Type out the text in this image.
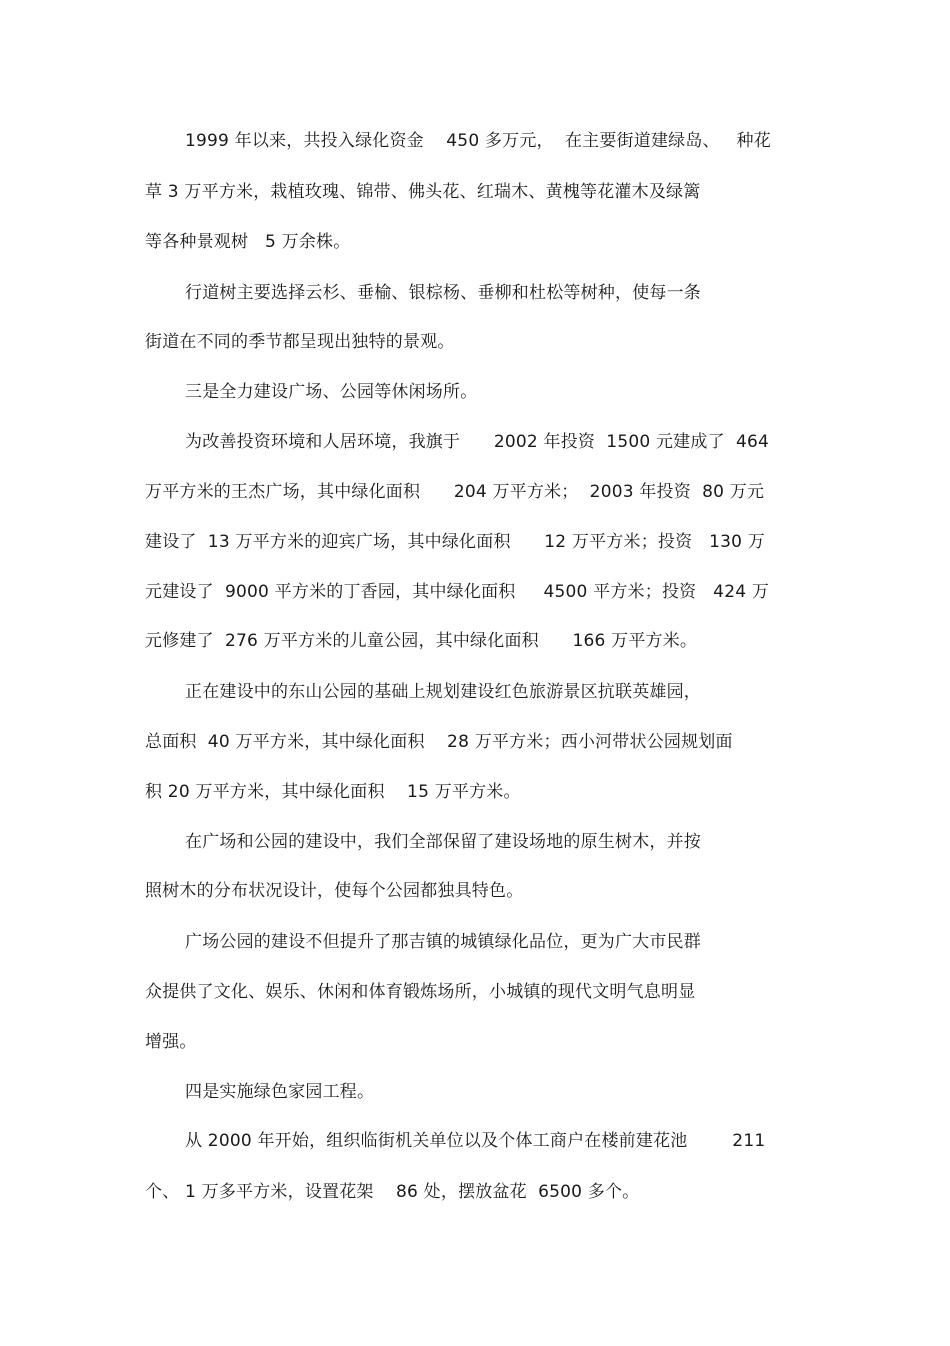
1999 年以来，共投入绿化资金    450 多万元，  在主要街道建绿岛、   种花
草 3 万平方米，栽植玫瑰、锦带、佛头花、红瑞木、黄槐等花灌木及绿篱
等各种景观树   5 万余株。
行道树主要选择云杉、垂榆、银棕杨、垂柳和杜松等树种，使每一条
街道在不同的季节都呈现出独特的景观。
三是全力建设广场、公园等休闲场所。
为改善投资环境和人居环境，我旗于      2002 年投资  1500 元建成了  464
万平方米的王杰广场，其中绿化面积      204 万平方米；  2003 年投资  80 万元
建设了  13 万平方米的迎宾广场，其中绿化面积      12 万平方米；投资   130 万
元建设了  9000 平方米的丁香园，其中绿化面积     4500 平方米；投资   424 万
元修建了  276 万平方米的儿童公园，其中绿化面积      166 万平方米。
正在建设中的东山公园的基础上规划建设红色旅游景区抗联英雄园，
总面积  40 万平方米，其中绿化面积    28 万平方米；西小河带状公园规划面
积 20 万平方米，其中绿化面积    15 万平方米。
在广场和公园的建设中，我们全部保留了建设场地的原生树木，并按
照树木的分布状况设计，使每个公园都独具特色。
广场公园的建设不但提升了那吉镇的城镇绿化品位，更为广大市民群
众提供了文化、娱乐、休闲和体育锻炼场所，小城镇的现代文明气息明显
增强。
四是实施绿色家园工程。
从 2000 年开始，组织临街机关单位以及个体工商户在楼前建花池        211
个、 1 万多平方米，设置花架    86 处，摆放盆花  6500 多个。
